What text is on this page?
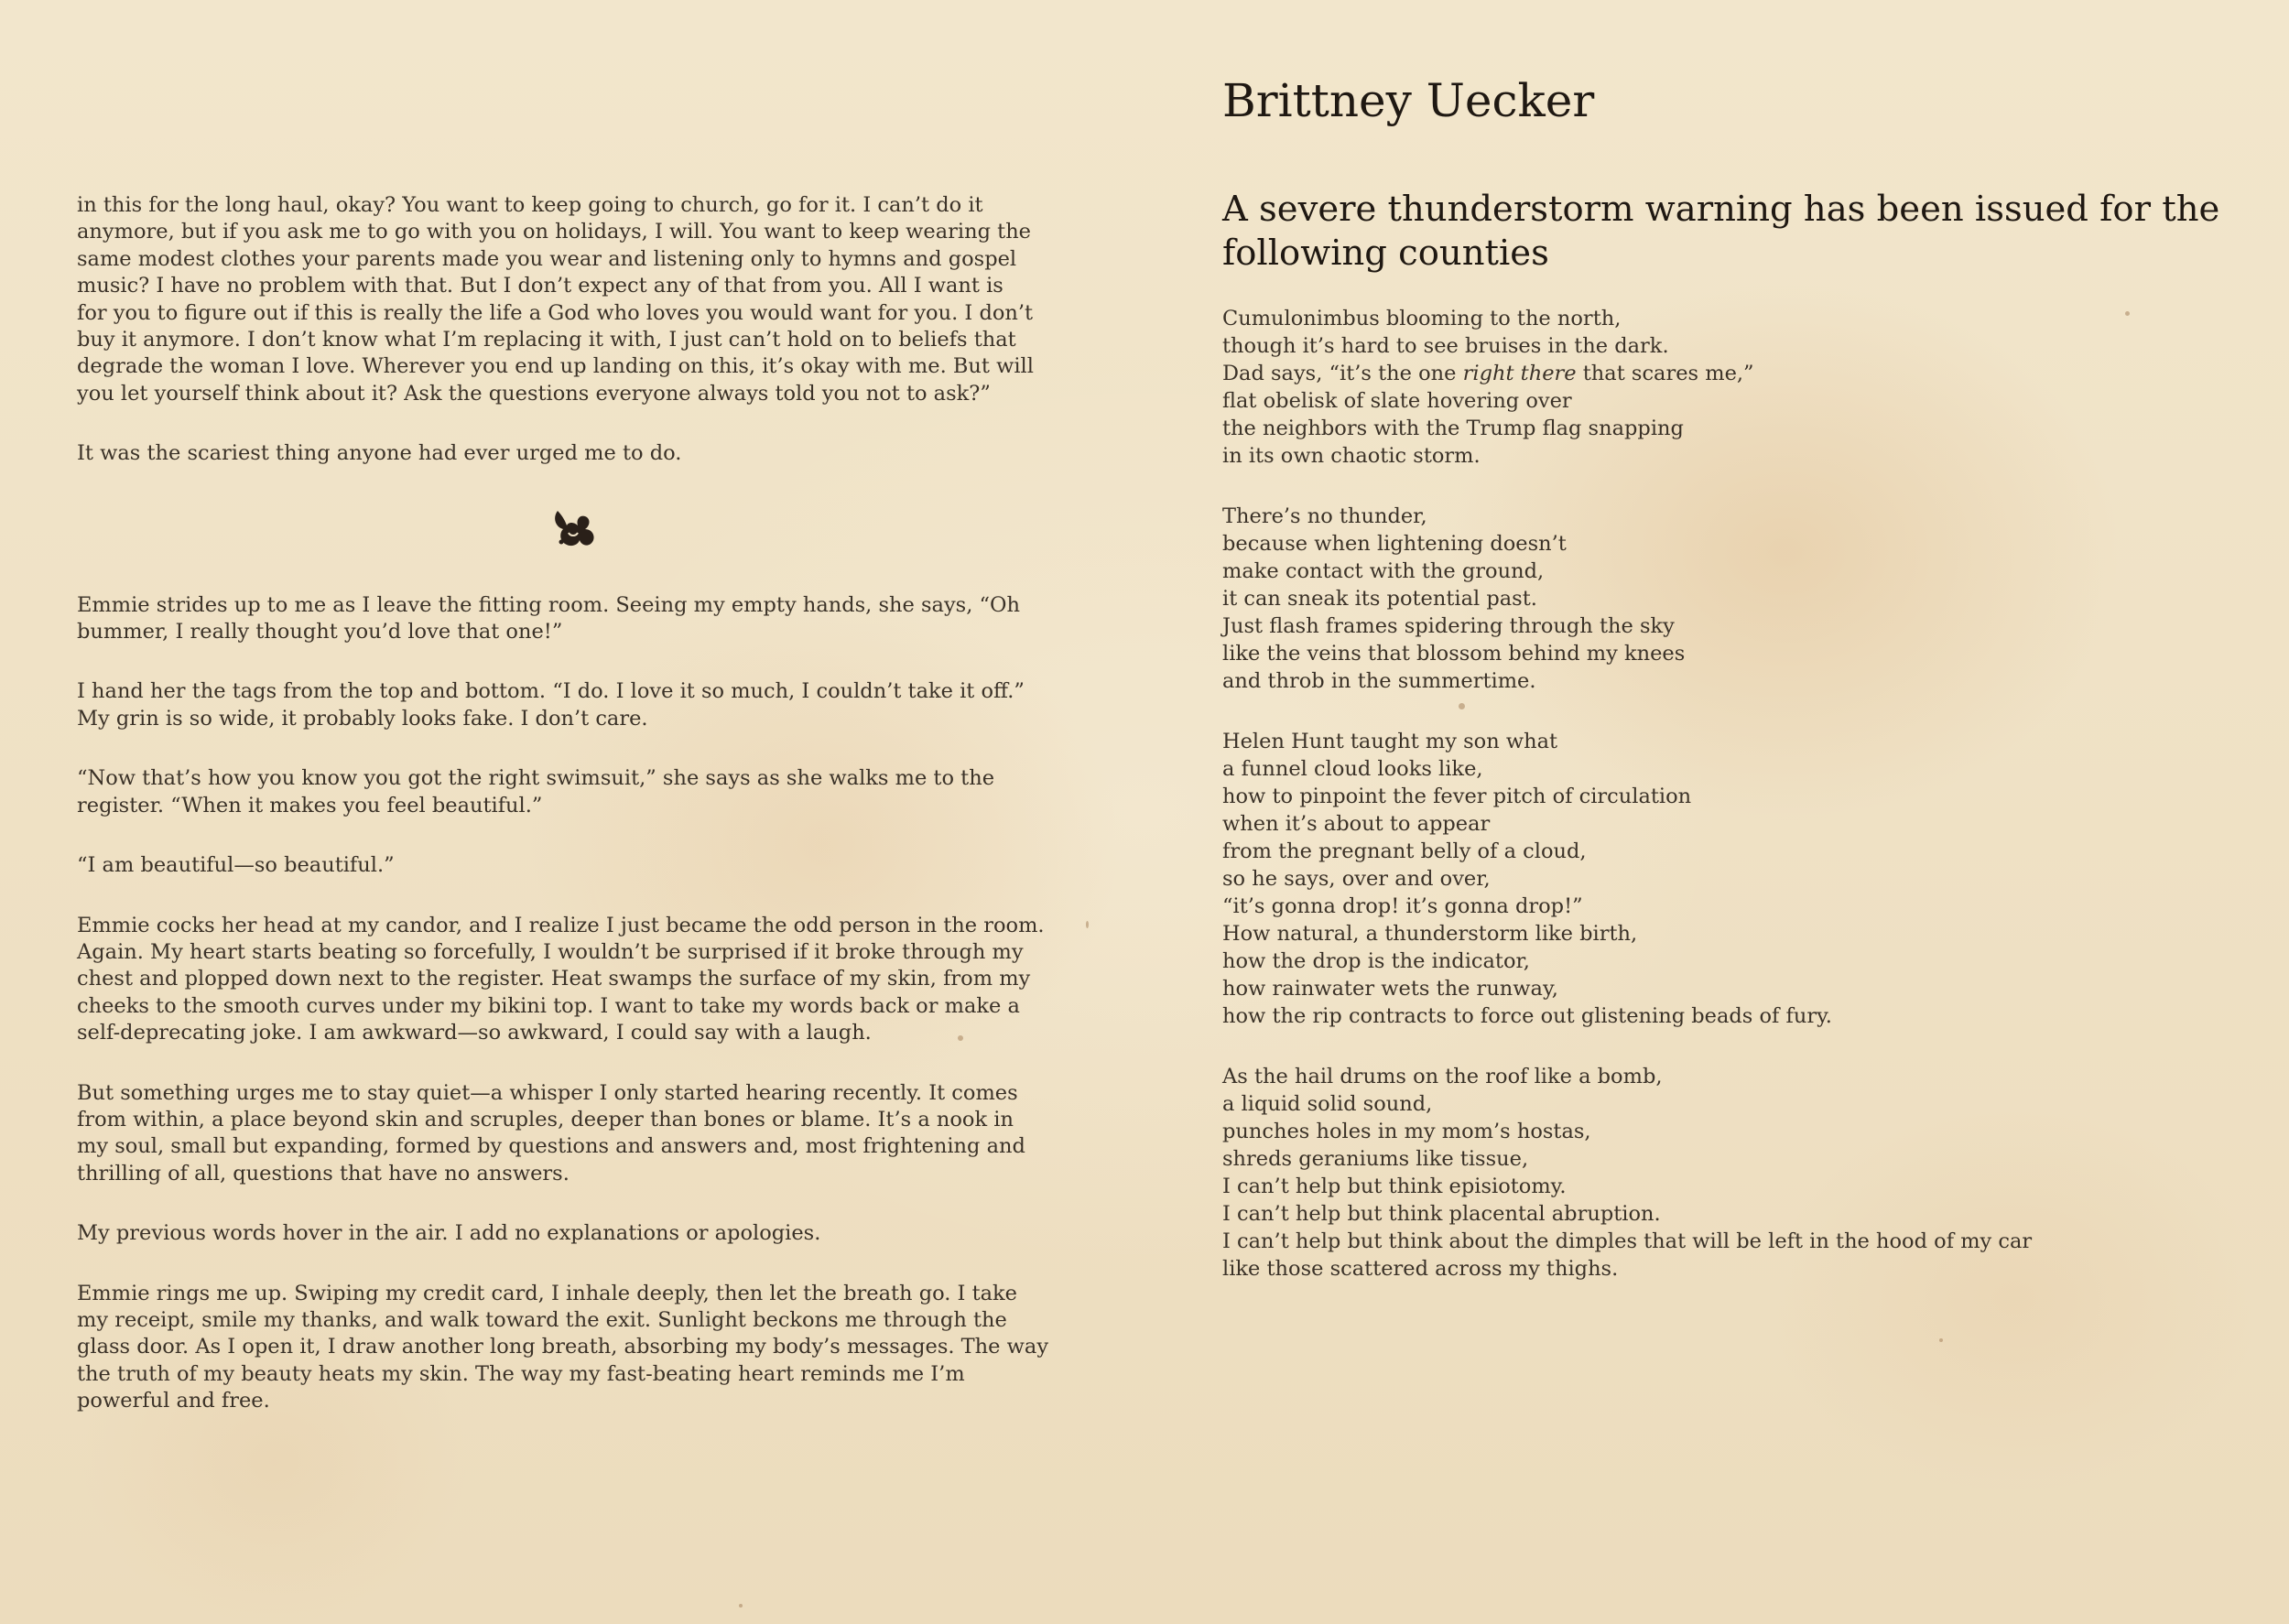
in this for the long haul, okay? You want to keep going to church, go for it. I can’t do it
anymore, but if you ask me to go with you on holidays, I will. You want to keep wearing the
same modest clothes your parents made you wear and listening only to hymns and gospel
music? I have no problem with that. But I don’t expect any of that from you. All I want is
for you to figure out if this is really the life a God who loves you would want for you. I don’t
buy it anymore. I don’t know what I’m replacing it with, I just can’t hold on to beliefs that
degrade the woman I love. Wherever you end up landing on this, it’s okay with me. But will
you let yourself think about it? Ask the questions everyone always told you not to ask?”

It was the scariest thing anyone had ever urged me to do.

Emmie strides up to me as I leave the fitting room. Seeing my empty hands, she says, “Oh
bummer, I really thought you’d love that one!”

I hand her the tags from the top and bottom. “I do. I love it so much, I couldn’t take it off.”
My grin is so wide, it probably looks fake. I don’t care.

“Now that’s how you know you got the right swimsuit,” she says as she walks me to the
register. “When it makes you feel beautiful.”

“I am beautiful—so beautiful.”

Emmie cocks her head at my candor, and I realize I just became the odd person in the room.
Again. My heart starts beating so forcefully, I wouldn’t be surprised if it broke through my
chest and plopped down next to the register. Heat swamps the surface of my skin, from my
cheeks to the smooth curves under my bikini top. I want to take my words back or make a
self-deprecating joke. I am awkward—so awkward, I could say with a laugh.

But something urges me to stay quiet—a whisper I only started hearing recently. It comes
from within, a place beyond skin and scruples, deeper than bones or blame. It’s a nook in
my soul, small but expanding, formed by questions and answers and, most frightening and
thrilling of all, questions that have no answers.

My previous words hover in the air. I add no explanations or apologies.

Emmie rings me up. Swiping my credit card, I inhale deeply, then let the breath go. I take
my receipt, smile my thanks, and walk toward the exit. Sunlight beckons me through the
glass door. As I open it, I draw another long breath, absorbing my body’s messages. The way
the truth of my beauty heats my skin. The way my fast-beating heart reminds me I’m
powerful and free.

Brittney Uecker
A severe thunderstorm warning has been issued for the
following counties
Cumulonimbus blooming to the north,
though it’s hard to see bruises in the dark.
Dad says, “it’s the one right there that scares me,”
flat obelisk of slate hovering over
the neighbors with the Trump flag snapping
in its own chaotic storm.
There’s no thunder,
because when lightening doesn’t
make contact with the ground,
it can sneak its potential past.
Just flash frames spidering through the sky
like the veins that blossom behind my knees
and throb in the summertime.
Helen Hunt taught my son what
a funnel cloud looks like,
how to pinpoint the fever pitch of circulation
when it’s about to appear
from the pregnant belly of a cloud,
so he says, over and over,
“it’s gonna drop! it’s gonna drop!”
How natural, a thunderstorm like birth,
how the drop is the indicator,
how rainwater wets the runway,
how the rip contracts to force out glistening beads of fury.
As the hail drums on the roof like a bomb,
a liquid solid sound,
punches holes in my mom’s hostas,
shreds geraniums like tissue,
I can’t help but think episiotomy.
I can’t help but think placental abruption.
I can’t help but think about the dimples that will be left in the hood of my car
like those scattered across my thighs.
